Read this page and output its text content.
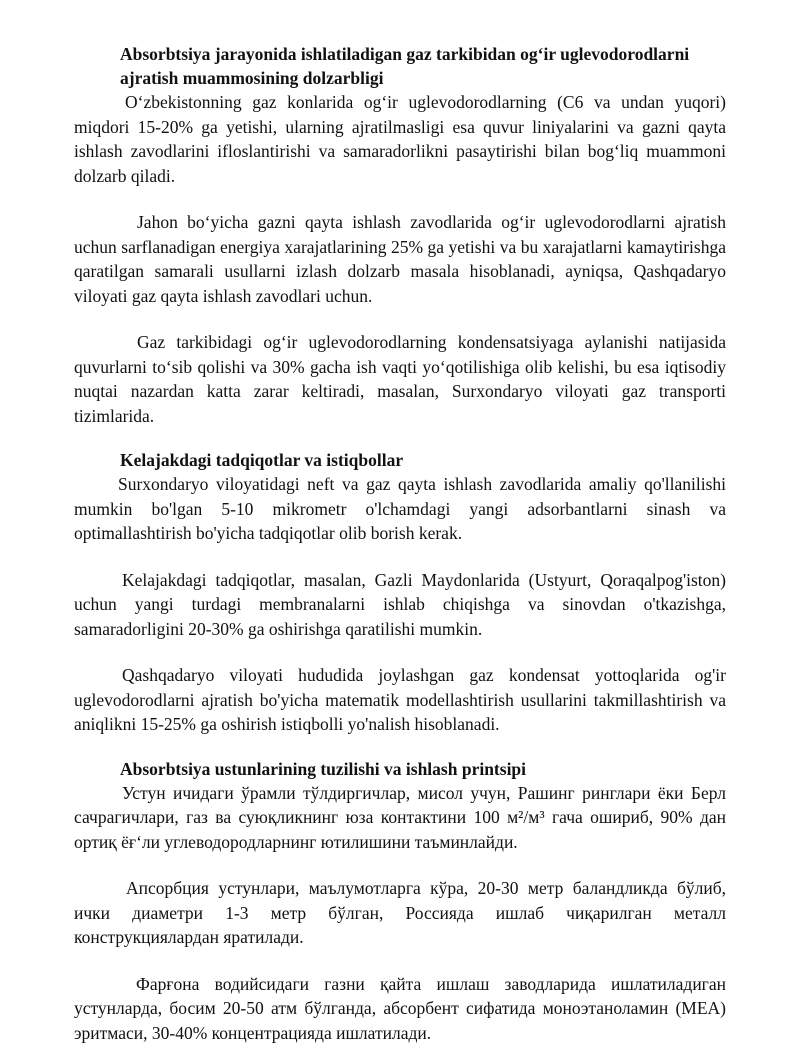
Absorbtsiya jarayonida ishlatiladigan gaz tarkibidan og‘ir uglevodorodlarni ajratish muammosining dolzarbligi

O‘zbekistonning gaz konlarida og‘ir uglevodorodlarning (C6 va undan yuqori) miqdori 15-20% ga yetishi, ularning ajratilmasligi esa quvur liniyalarini va gazni qayta ishlash zavodlarini ifloslantirishi va samaradorlikni pasaytirishi bilan bog‘liq muammoni dolzarb qiladi.

Jahon bo‘yicha gazni qayta ishlash zavodlarida og‘ir uglevodorodlarni ajratish uchun sarflanadigan energiya xarajatlarining 25% ga yetishi va bu xarajatlarni kamaytirishga qaratilgan samarali usullarni izlash dolzarb masala hisoblanadi, ayniqsa, Qashqadaryo viloyati gaz qayta ishlash zavodlari uchun.

Gaz tarkibidagi og‘ir uglevodorodlarning kondensatsiyaga aylanishi natijasida quvurlarni to‘sib qolishi va 30% gacha ish vaqti yo‘qotilishiga olib kelishi, bu esa iqtisodiy nuqtai nazardan katta zarar keltiradi, masalan, Surxondaryo viloyati gaz transporti tizimlarida.

Kelajakdagi tadqiqotlar va istiqbollar

Surxondaryo viloyatidagi neft va gaz qayta ishlash zavodlarida amaliy qo'llanilishi mumkin bo'lgan 5-10 mikrometr o'lchamdagi yangi adsorbantlarni sinash va optimallashtirish bo'yicha tadqiqotlar olib borish kerak.

Kelajakdagi tadqiqotlar, masalan, Gazli Maydonlarida (Ustyurt, Qoraqalpog'iston) uchun yangi turdagi membranalarni ishlab chiqishga va sinovdan o'tkazishga, samaradorligini 20-30% ga oshirishga qaratilishi mumkin.

Qashqadaryo viloyati hududida joylashgan gaz kondensat yottoqlarida og'ir uglevodorodlarni ajratish bo'yicha matematik modellashtirish usullarini takmillashtirish va aniqlikni 15-25% ga oshirish istiqbolli yo'nalish hisoblanadi.

Absorbtsiya ustunlarining tuzilishi va ishlash printsipi

Устун ичидаги ўрамли тўлдиргичлар, мисол учун, Рашинг ринглари ёки Берл сачрагичлари, газ ва суюқликнинг юза контактини 100 м²/м³ гача ошириб, 90% дан ортиқ ёғ‘ли углеводородларнинг ютилишини таъминлайди.

Апсорбция устунлари, маълумотларга кўра, 20-30 метр баландликда бўлиб, ички диаметри 1-3 метр бўлган, Россияда ишлаб чиқарилган металл конструкциялардан яратилади.

Фарғона водийсидаги газни қайта ишлаш заводларида ишлатиладиган устунларда, босим 20-50 атм бўлганда, абсорбент сифатида моноэтаноламин (МЕА) эритмаси, 30-40% концентрацияда ишлатилади.
